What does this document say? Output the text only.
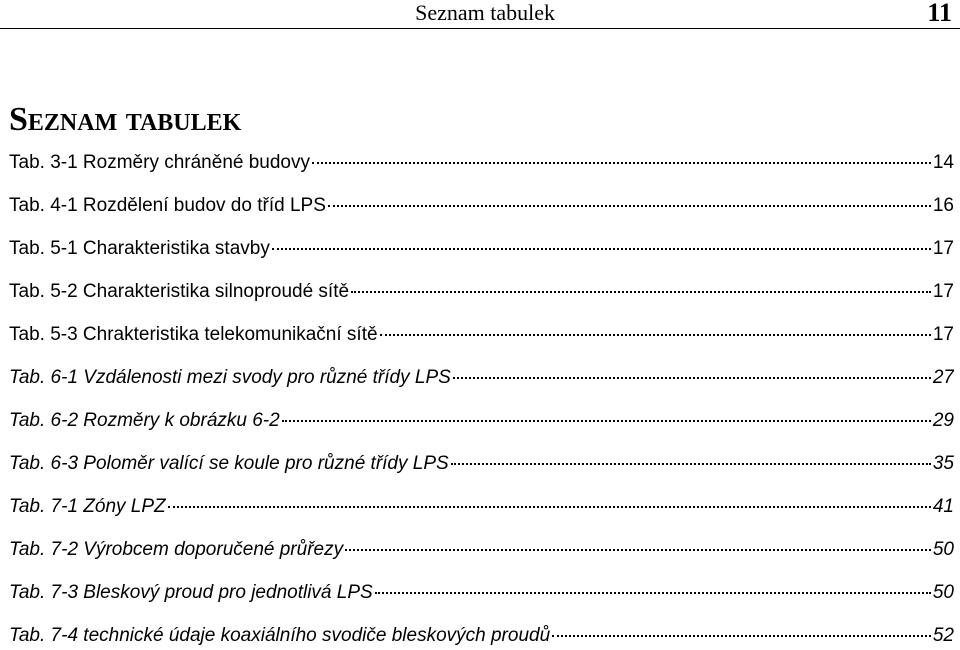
Seznam tabulek	11
Seznam tabulek
Tab. 3-1 Rozměry chráněné budovy	14
Tab. 4-1 Rozdělení budov do tříd LPS	16
Tab. 5-1 Charakteristika stavby	17
Tab. 5-2 Charakteristika silnoproudé sítě	17
Tab. 5-3 Chrakteristika telekomunikační sítě	17
Tab. 6-1 Vzdálenosti mezi svody pro různé třídy LPS	27
Tab. 6-2 Rozměry k obrázku 6-2	29
Tab. 6-3 Poloměr valící se koule pro různé třídy LPS	35
Tab. 7-1 Zóny LPZ	41
Tab. 7-2 Výrobcem doporučené průřezy	50
Tab. 7-3 Bleskový proud pro jednotlivá LPS	50
Tab. 7-4 technické údaje koaxiálního svodiče bleskových proudů	52
